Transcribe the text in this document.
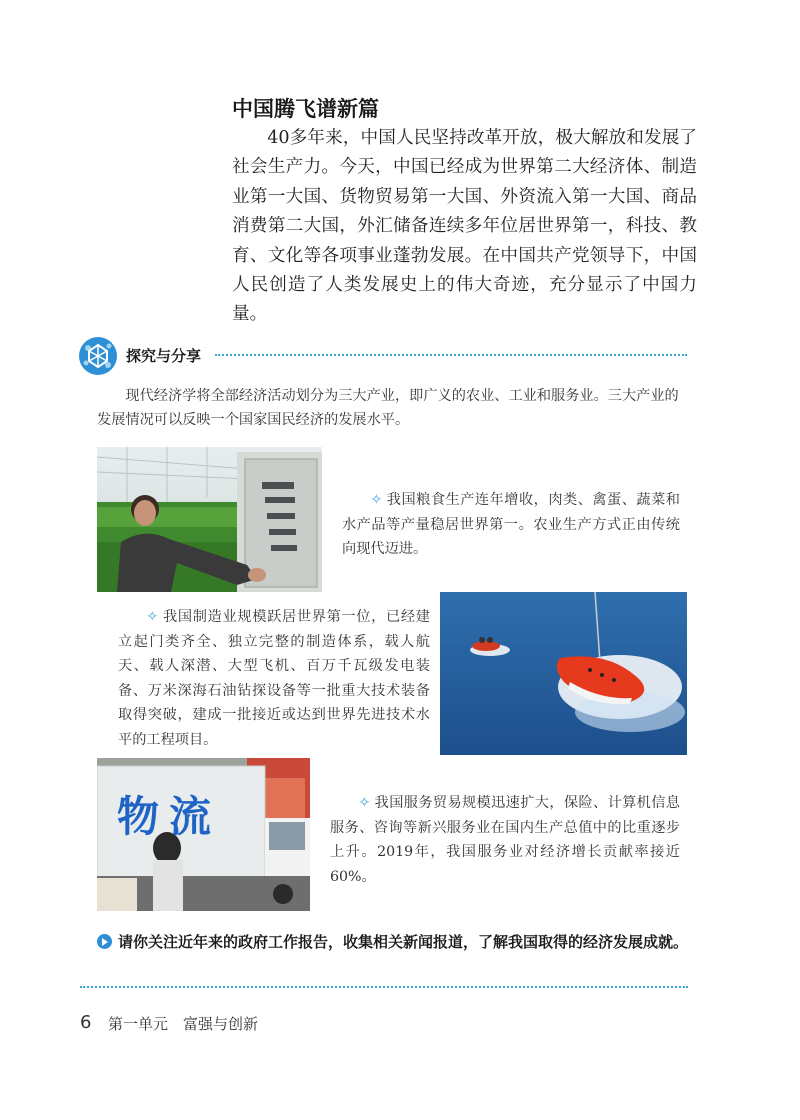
中国腾飞谱新篇
40多年来，中国人民坚持改革开放，极大解放和发展了社会生产力。今天，中国已经成为世界第二大经济体、制造业第一大国、货物贸易第一大国、外资流入第一大国、商品消费第二大国，外汇储备连续多年位居世界第一，科技、教育、文化等各项事业蓬勃发展。在中国共产党领导下，中国人民创造了人类发展史上的伟大奇迹，充分显示了中国力量。
探究与分享
现代经济学将全部经济活动划分为三大产业，即广义的农业、工业和服务业。三大产业的发展情况可以反映一个国家国民经济的发展水平。
✧ 我国粮食生产连年增收，肉类、禽蛋、蔬菜和水产品等产量稳居世界第一。农业生产方式正由传统向现代迈进。
✧ 我国制造业规模跃居世界第一位，已经建立起门类齐全、独立完整的制造体系，载人航天、载人深潜、大型飞机、百万千瓦级发电装备、万米深海石油钻探设备等一批重大技术装备取得突破，建成一批接近或达到世界先进技术水平的工程项目。
物流	✧ 我国服务贸易规模迅速扩大，保险、计算机信息服务、咨询等新兴服务业在国内生产总值中的比重逐步上升。2019年，我国服务业对经济增长贡献率接近60%。
请你关注近年来的政府工作报告，收集相关新闻报道，了解我国取得的经济发展成就。
6 第一单元　富强与创新
